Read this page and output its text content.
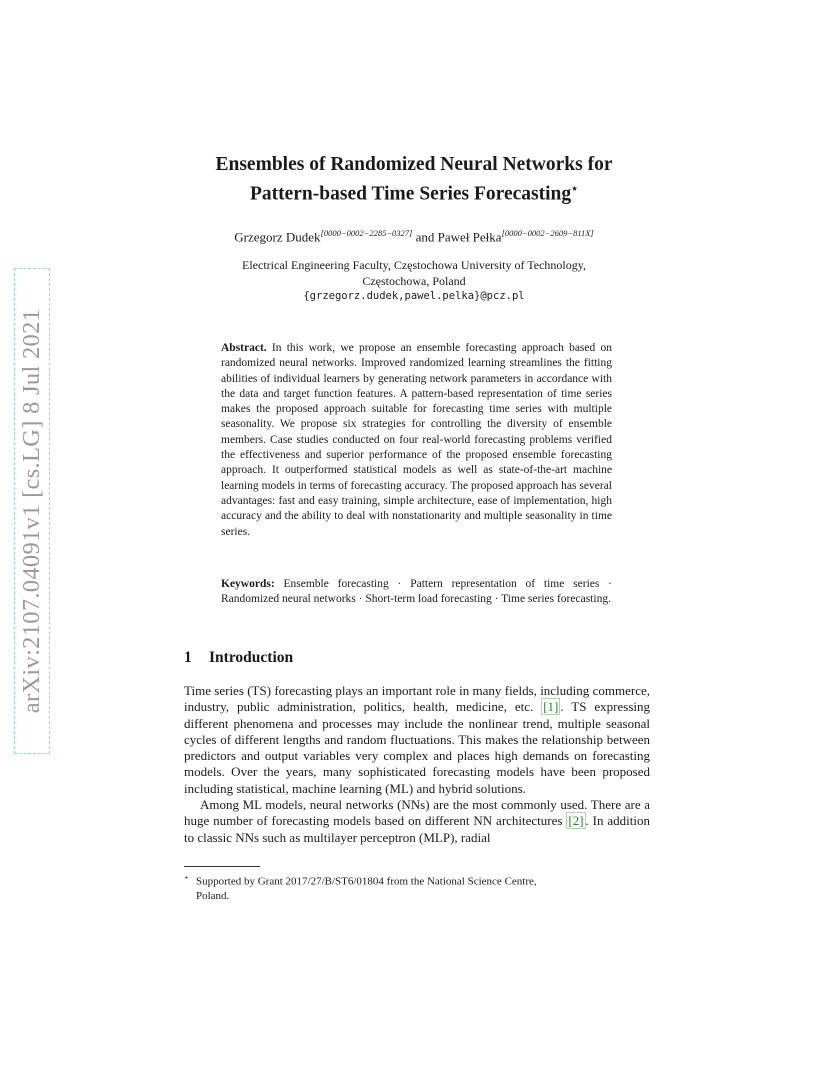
arXiv:2107.04091v1 [cs.LG] 8 Jul 2021
Ensembles of Randomized Neural Networks for
Pattern-based Time Series Forecasting⋆
Grzegorz Dudek[0000−0002−2285−0327] and Paweł Pełka[0000−0002−2609−811X]
Electrical Engineering Faculty, Częstochowa University of Technology,
Częstochowa, Poland
{grzegorz.dudek,pawel.pelka}@pcz.pl
Abstract. In this work, we propose an ensemble forecasting approach based on randomized neural networks. Improved randomized learning streamlines the fitting abilities of individual learners by generating network parameters in accordance with the data and target function features. A pattern-based representation of time series makes the proposed approach suitable for forecasting time series with multiple seasonality. We propose six strategies for controlling the diversity of ensemble members. Case studies conducted on four real-world forecasting problems verified the effectiveness and superior performance of the proposed ensemble forecasting approach. It outperformed statistical models as well as state-of-the-art machine learning models in terms of forecasting accuracy. The proposed approach has several advantages: fast and easy training, simple architecture, ease of implementation, high accuracy and the ability to deal with nonstationarity and multiple seasonality in time series.
Keywords: Ensemble forecasting · Pattern representation of time series · Randomized neural networks · Short-term load forecasting · Time series forecasting.
1 Introduction

Time series (TS) forecasting plays an important role in many fields, including commerce, industry, public administration, politics, health, medicine, etc. [1] . TS expressing different phenomena and processes may include the nonlinear trend, multiple seasonal cycles of different lengths and random fluctuations. This makes the relationship between predictors and output variables very complex and places high demands on forecasting models. Over the years, many sophisticated forecasting models have been proposed including statistical, machine learning (ML) and hybrid solutions.

Among ML models, neural networks (NNs) are the most commonly used. There are a huge number of forecasting models based on different NN architectures [2] . In addition to classic NNs such as multilayer perceptron (MLP), radial

⋆ Supported by Grant 2017/27/B/ST6/01804 from the National Science Centre,
Poland.
